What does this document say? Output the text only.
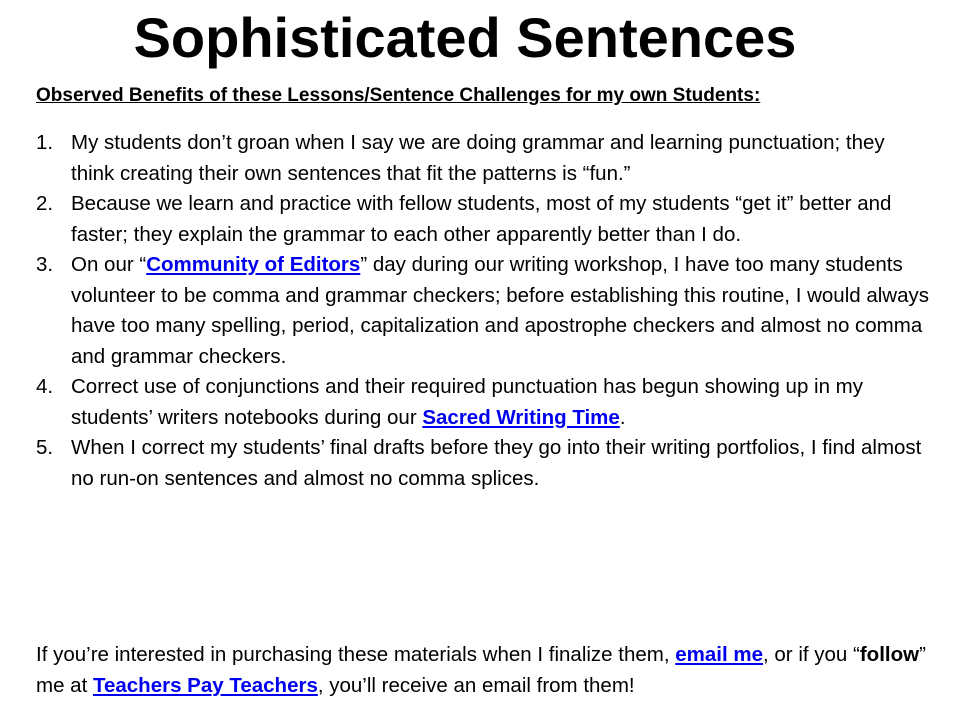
Sophisticated Sentences

Observed Benefits of these Lessons/Sentence Challenges for my own Students:

1. My students don’t groan when I say we are doing grammar and learning punctuation; they think creating their own sentences that fit the patterns is “fun.”
2. Because we learn and practice with fellow students, most of my students “get it” better and faster; they explain the grammar to each other apparently better than I do.
3. On our “Community of Editors” day during our writing workshop, I have too many students volunteer to be comma and grammar checkers; before establishing this routine, I would always have too many spelling, period, capitalization and apostrophe checkers and almost no comma and grammar checkers.
4. Correct use of conjunctions and their required punctuation has begun showing up in my students’ writers notebooks during our Sacred Writing Time.
5. When I correct my students’ final drafts before they go into their writing portfolios, I find almost no run-on sentences and almost no comma splices.

If you’re interested in purchasing these materials when I finalize them, email me, or if you “follow” me at Teachers Pay Teachers, you’ll receive an email from them!
